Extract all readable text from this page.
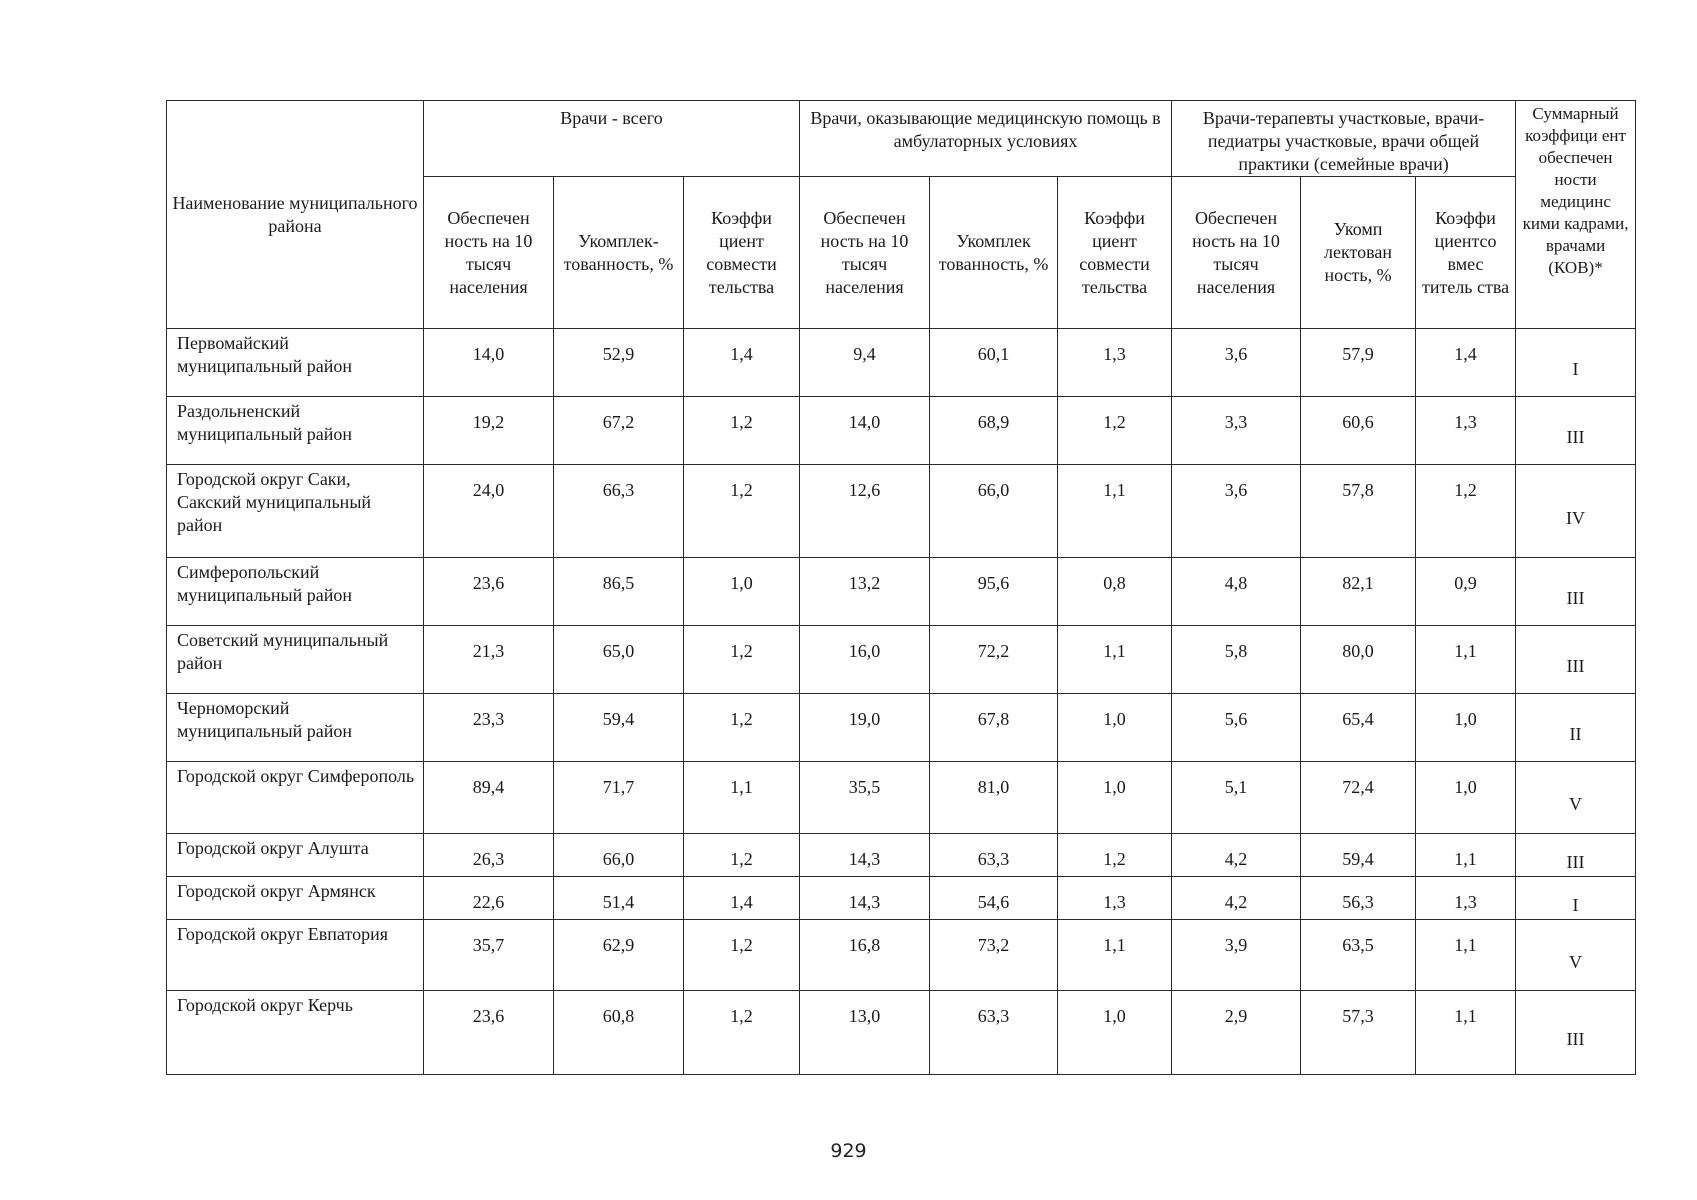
Наименование муниципального района	Врачи - всего			Врачи, оказывающие медицинскую помощь в амбулаторных условиях			Врачи-терапевты участковые, врачи-педиатры участковые, врачи общей практики (семейные врачи)			Суммарный коэффици ент обеспечен ности медицинс кими кадрами, врачами (КОВ)*
	Обеспечен ность на 10 тысяч населения	Укомплек- тованность, %	Коэффи циент совмести тельства	Обеспечен ность на 10 тысяч населения	Укомплек тованность, %	Коэффи циент совмести тельства	Обеспечен ность на 10 тысяч населения	Укомп лектован ность, %	Коэффи циентсо вмес титель ства	
Первомайский муниципальный район	14,0	52,9	1,4	9,4	60,1	1,3	3,6	57,9	1,4	I
Раздольненский муниципальный район	19,2	67,2	1,2	14,0	68,9	1,2	3,3	60,6	1,3	III
Городской округ Саки, Сакский муниципальный район	24,0	66,3	1,2	12,6	66,0	1,1	3,6	57,8	1,2	IV
Симферопольский муниципальный район	23,6	86,5	1,0	13,2	95,6	0,8	4,8	82,1	0,9	III
Советский муниципальный район	21,3	65,0	1,2	16,0	72,2	1,1	5,8	80,0	1,1	III
Черноморский муниципальный район	23,3	59,4	1,2	19,0	67,8	1,0	5,6	65,4	1,0	II
Городской округ Симферополь	89,4	71,7	1,1	35,5	81,0	1,0	5,1	72,4	1,0	V
Городской округ Алушта	26,3	66,0	1,2	14,3	63,3	1,2	4,2	59,4	1,1	III
Городской округ Армянск	22,6	51,4	1,4	14,3	54,6	1,3	4,2	56,3	1,3	I
Городской округ Евпатория	35,7	62,9	1,2	16,8	73,2	1,1	3,9	63,5	1,1	V
Городской округ Керчь	23,6	60,8	1,2	13,0	63,3	1,0	2,9	57,3	1,1	III
929
